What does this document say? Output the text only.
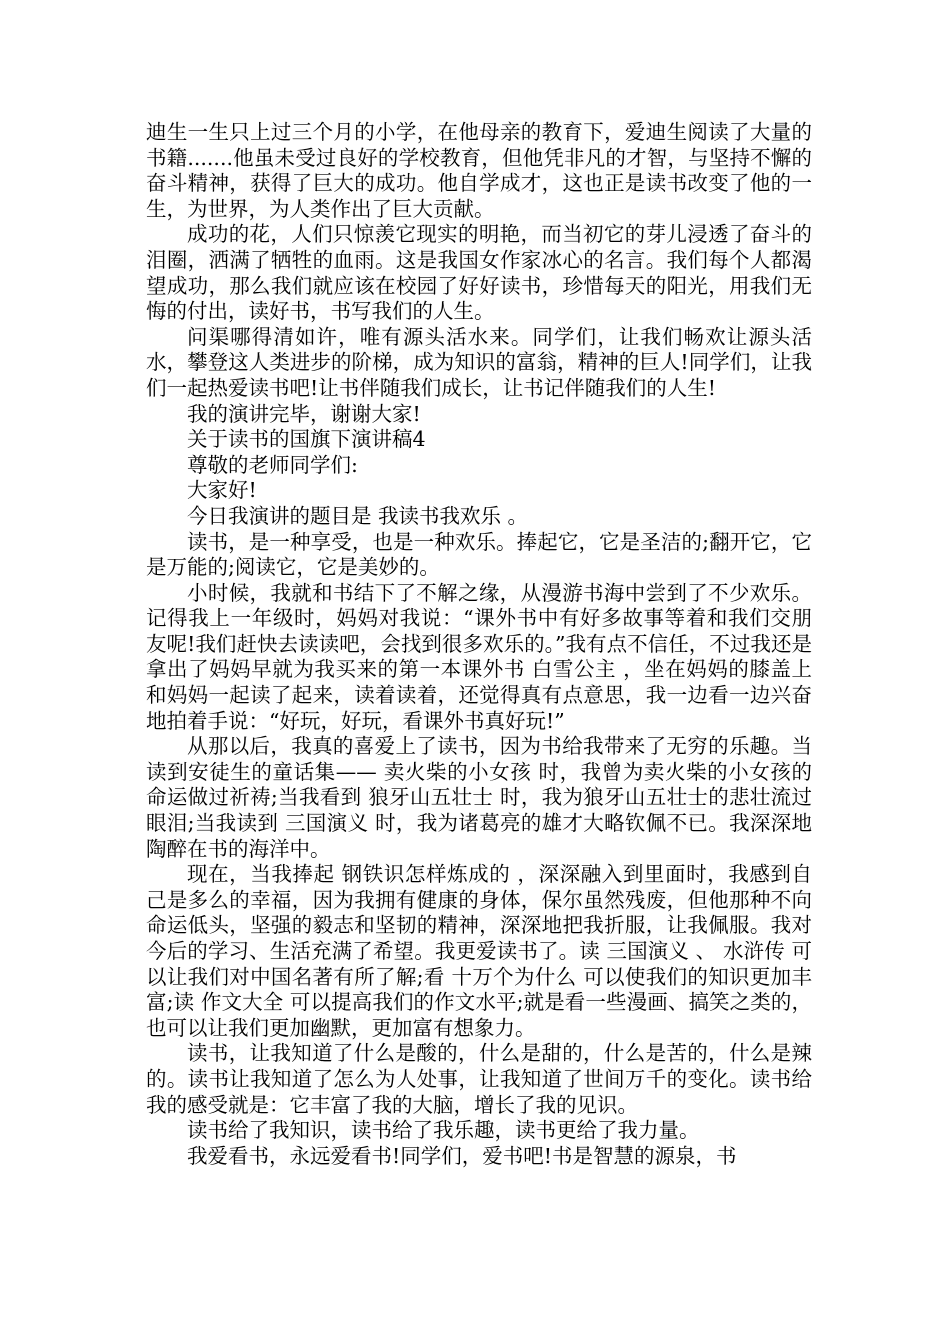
迪生一生只上过三个月的小学，在他母亲的教育下，爱迪生阅读了大量的书籍.......他虽未受过良好的学校教育，但他凭非凡的才智，与坚持不懈的奋斗精神，获得了巨大的成功。他自学成才，这也正是读书改变了他的一生，为世界，为人类作出了巨大贡献。

成功的花，人们只惊羡它现实的明艳，而当初它的芽儿浸透了奋斗的泪圈，洒满了牺牲的血雨。这是我国女作家冰心的名言。我们每个人都渴望成功，那么我们就应该在校园了好好读书，珍惜每天的阳光，用我们无悔的付出，读好书，书写我们的人生。

问渠哪得清如许，唯有源头活水来。同学们，让我们畅欢让源头活水，攀登这人类进步的阶梯，成为知识的富翁，精神的巨人!同学们，让我们一起热爱读书吧!让书伴随我们成长，让书记伴随我们的人生!

我的演讲完毕，谢谢大家!

关于读书的国旗下演讲稿4

尊敬的老师同学们:

大家好!

今日我演讲的题目是 我读书我欢乐 。

读书，是一种享受，也是一种欢乐。捧起它，它是圣洁的;翻开它，它是万能的;阅读它，它是美妙的。

小时候，我就和书结下了不解之缘，从漫游书海中尝到了不少欢乐。记得我上一年级时，妈妈对我说：“课外书中有好多故事等着和我们交朋友呢!我们赶快去读读吧，会找到很多欢乐的。”我有点不信任，不过我还是拿出了妈妈早就为我买来的第一本课外书 白雪公主 ，坐在妈妈的膝盖上和妈妈一起读了起来，读着读着，还觉得真有点意思，我一边看一边兴奋地拍着手说：“好玩，好玩，看课外书真好玩!”

从那以后，我真的喜爱上了读书，因为书给我带来了无穷的乐趣。当读到安徒生的童话集—— 卖火柴的小女孩 时，我曾为卖火柴的小女孩的命运做过祈祷;当我看到 狼牙山五壮士 时，我为狼牙山五壮士的悲壮流过眼泪;当我读到 三国演义 时，我为诸葛亮的雄才大略钦佩不已。我深深地陶醉在书的海洋中。

现在，当我捧起 钢铁识怎样炼成的 ，深深融入到里面时，我感到自己是多么的幸福，因为我拥有健康的身体，保尔虽然残废，但他那种不向命运低头，坚强的毅志和坚韧的精神，深深地把我折服，让我佩服。我对今后的学习、生活充满了希望。我更爱读书了。读 三国演义 、 水浒传 可以让我们对中国名著有所了解;看 十万个为什么 可以使我们的知识更加丰富;读 作文大全 可以提高我们的作文水平;就是看一些漫画、搞笑之类的，也可以让我们更加幽默，更加富有想象力。

读书，让我知道了什么是酸的，什么是甜的，什么是苦的，什么是辣的。读书让我知道了怎么为人处事，让我知道了世间万千的变化。读书给我的感受就是：它丰富了我的大脑，增长了我的见识。

读书给了我知识，读书给了我乐趣，读书更给了我力量。

我爱看书，永远爱看书!同学们，爱书吧!书是智慧的源泉，书
